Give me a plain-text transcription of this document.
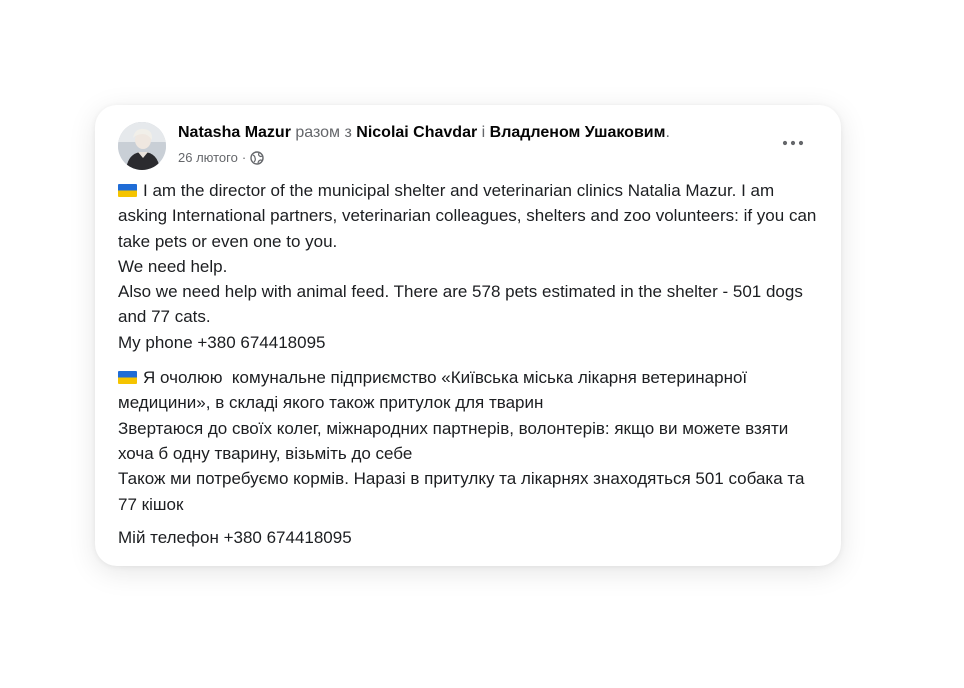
Natasha Mazur разом з Nicolai Chavdar і Владленом Ушаковим.
26 лютого ·

I am the director of the municipal shelter and veterinarian clinics Natalia Mazur. I am asking International partners, veterinarian colleagues, shelters and zoo volunteers: if you can take pets or even one to you.
We need help.
Also we need help with animal feed. There are 578 pets estimated in the shelter - 501 dogs and 77 cats.
My phone +380 674418095

Я очолюю  комунальне підприємство «Київська міська лікарня ветеринарної медицини», в складі якого також притулок для тварин
Звертаюся до своїх колег, міжнародних партнерів, волонтерів: якщо ви можете взяти хоча б одну тварину, візьміть до себе
Також ми потребуємо кормів. Наразі в притулку та лікарнях знаходяться 501 собака та 77 кішок

Мій телефон +380 674418095
